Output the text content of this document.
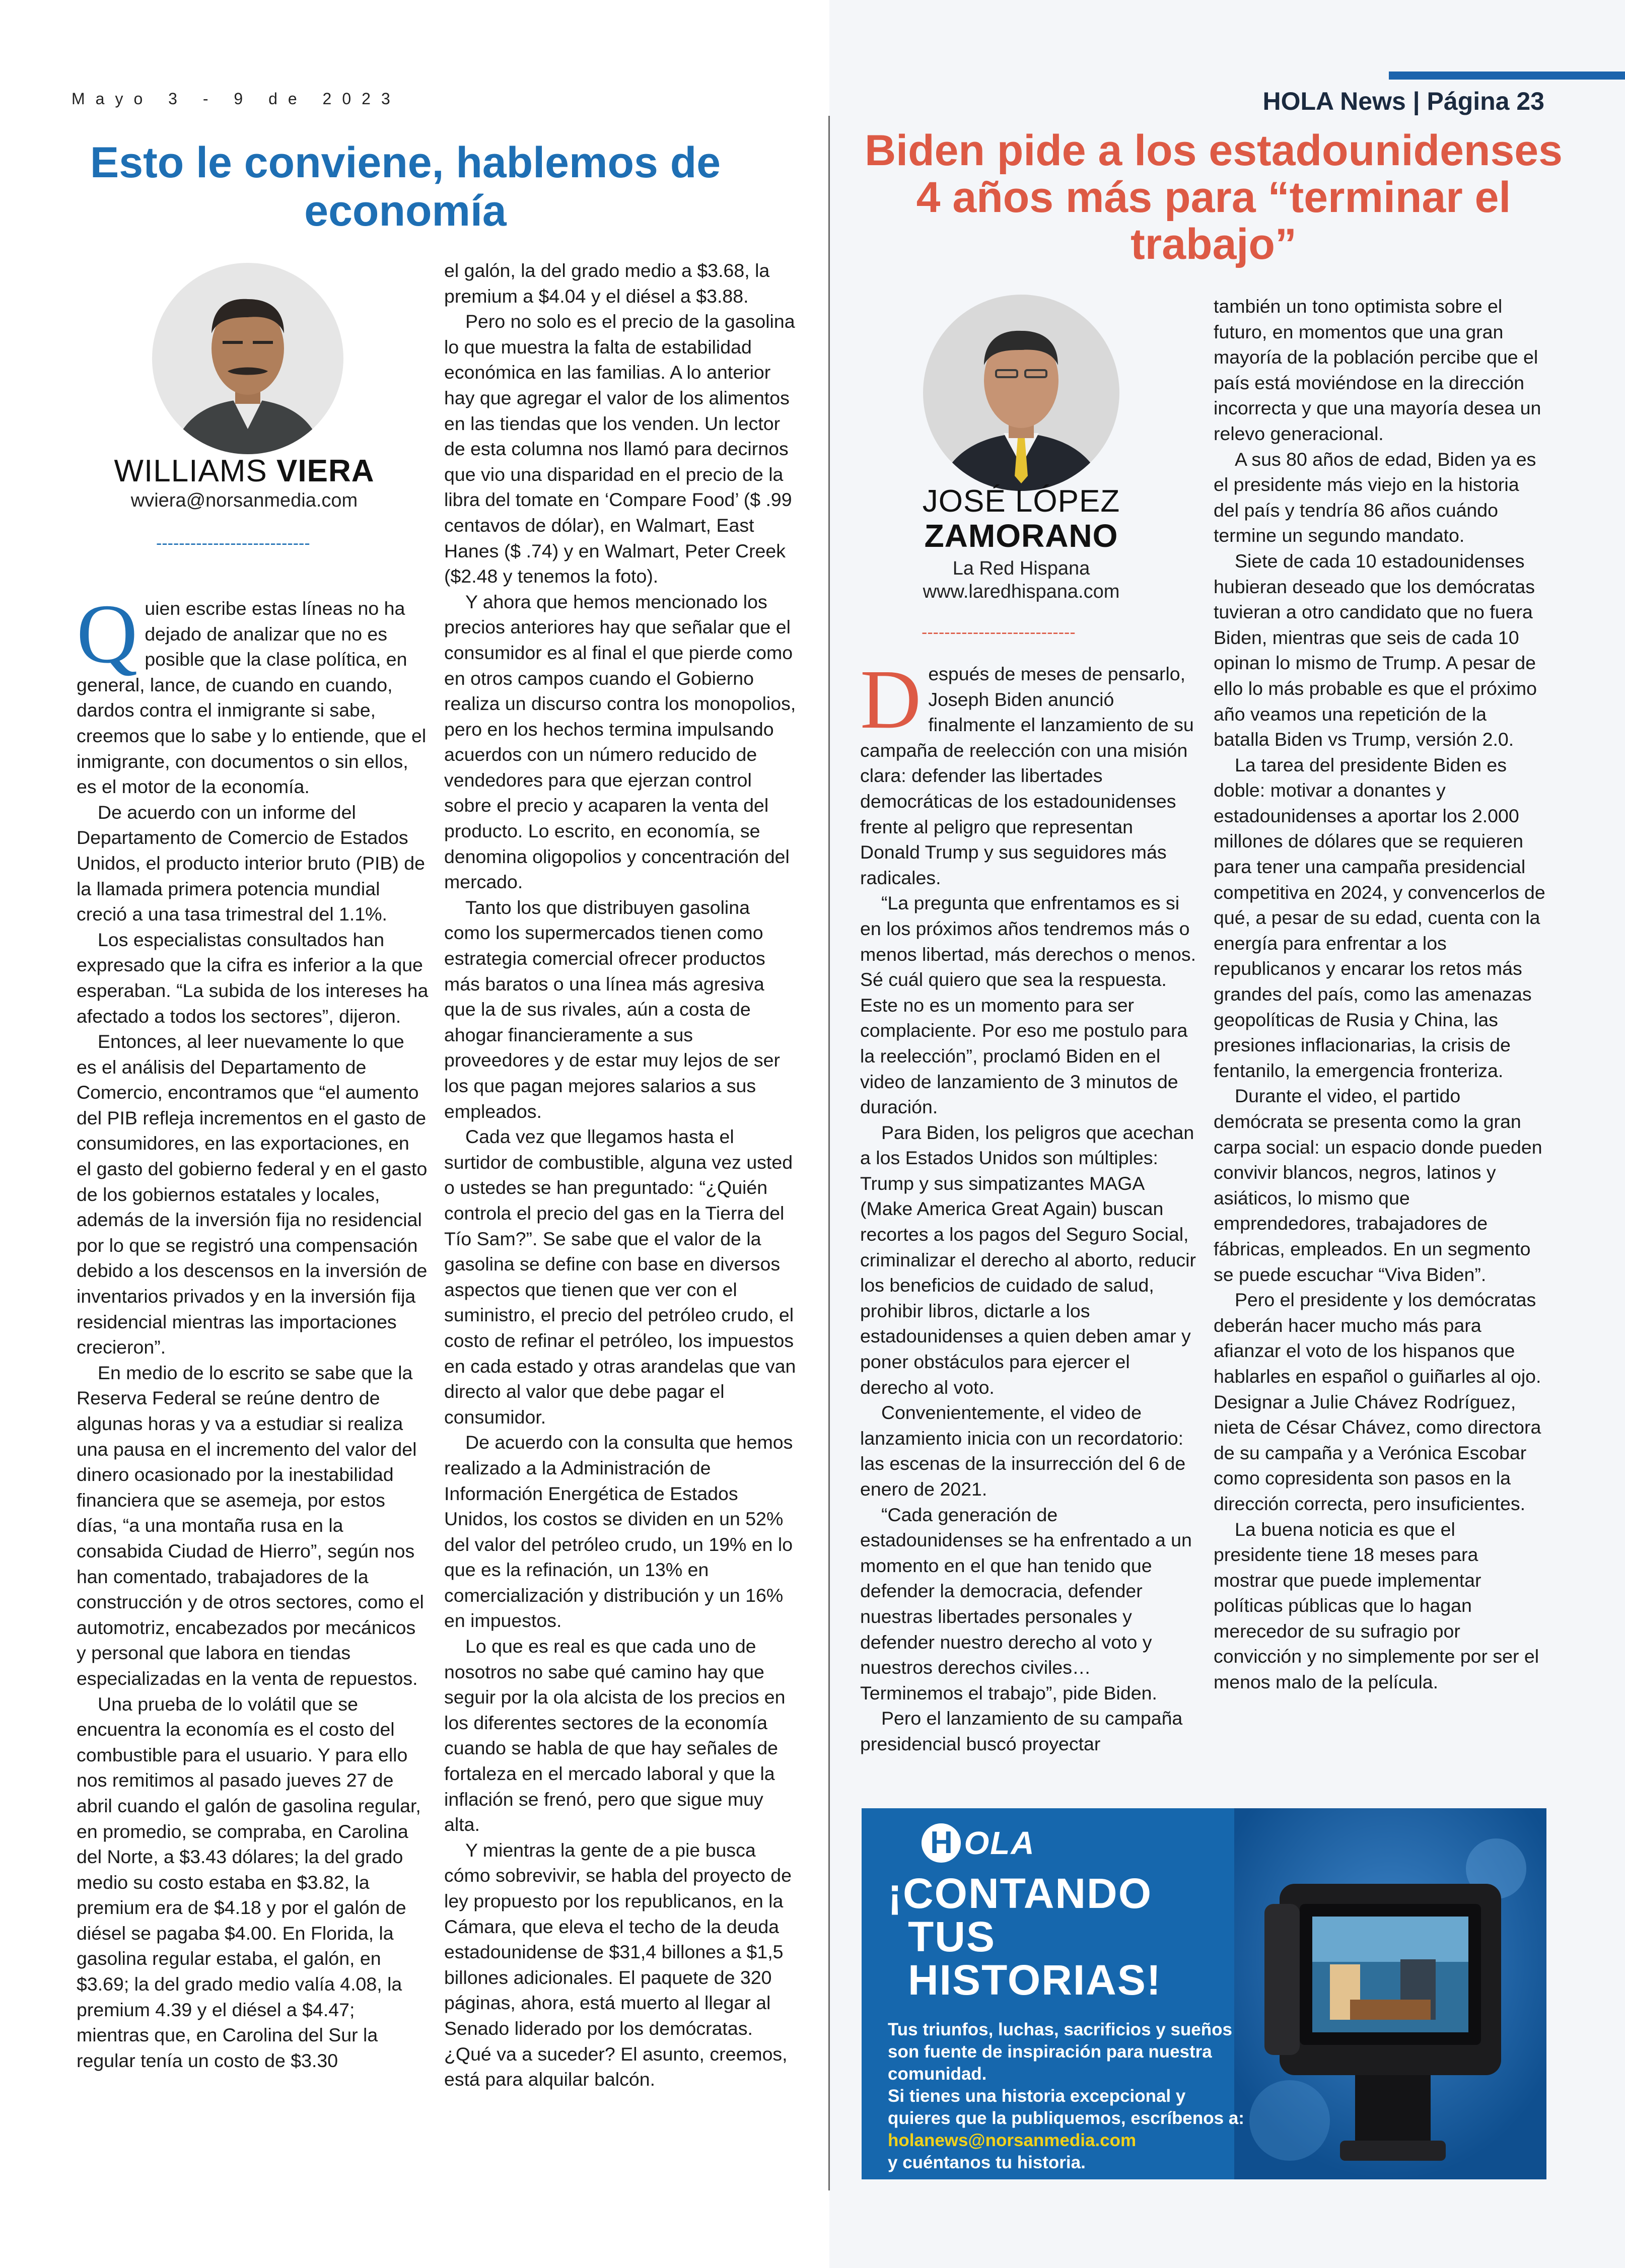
Mayo 3 - 9 de 2023	HOLA News | Página 23
Esto le conviene, hablemos de economía
WILLIAMS VIERA
wviera@norsanmedia.com
---------------------------
Q uien escribe estas líneas no ha dejado de analizar que no es posible que la clase política, en general, lance, de cuando en cuando, dardos contra el inmigrante si sabe, creemos que lo sabe y lo entiende, que el inmigrante, con documentos o sin ellos, es el motor de la economía.

De acuerdo con un informe del Departamento de Comercio de Estados Unidos, el producto interior bruto (PIB) de la llamada primera potencia mundial creció a una tasa trimestral del 1.1%.

Los especialistas consultados han expresado que la cifra es inferior a la que esperaban. “La subida de los intereses ha afectado a todos los sectores”, dijeron.

Entonces, al leer nuevamente lo que es el análisis del Departamento de Comercio, encontramos que “el aumento del PIB refleja incrementos en el gasto de consumidores, en las exportaciones, en el gasto del gobierno federal y en el gasto de los gobiernos estatales y locales, además de la inversión fija no residencial por lo que se registró una compensación debido a los descensos en la inversión de inventarios privados y en la inversión fija residencial mientras las importaciones crecieron”.

En medio de lo escrito se sabe que la Reserva Federal se reúne dentro de algunas horas y va a estudiar si realiza una pausa en el incremento del valor del dinero ocasionado por la inestabilidad financiera que se asemeja, por estos días, “a una montaña rusa en la consabida Ciudad de Hierro”, según nos han comentado, trabajadores de la construcción y de otros sectores, como el automotriz, encabezados por mecánicos y personal que labora en tiendas especializadas en la venta de repuestos.

Una prueba de lo volátil que se encuentra la economía es el costo del combustible para el usuario. Y para ello nos remitimos al pasado jueves 27 de abril cuando el galón de gasolina regular, en promedio, se compraba, en Carolina del Norte, a $3.43 dólares; la del grado medio su costo estaba en $3.82, la premium era de $4.18 y por el galón de diésel se pagaba $4.00. En Florida, la gasolina regular estaba, el galón, en $3.69; la del grado medio valía 4.08, la premium 4.39 y el diésel a $4.47; mientras que, en Carolina del Sur la regular tenía un costo de $3.30

el galón, la del grado medio a $3.68, la premium a $4.04 y el diésel a $3.88.

Pero no solo es el precio de la gasolina lo que muestra la falta de estabilidad económica en las familias. A lo anterior hay que agregar el valor de los alimentos en las tiendas que los venden. Un lector de esta columna nos llamó para decirnos que vio una disparidad en el precio de la libra del tomate en ‘Compare Food’ ($ .99 centavos de dólar), en Walmart, East Hanes ($ .74) y en Walmart, Peter Creek ($2.48 y tenemos la foto).

Y ahora que hemos mencionado los precios anteriores hay que señalar que el consumidor es al final el que pierde como en otros campos cuando el Gobierno realiza un discurso contra los monopolios, pero en los hechos termina impulsando acuerdos con un número reducido de vendedores para que ejerzan control sobre el precio y acaparen la venta del producto. Lo escrito, en economía, se denomina oligopolios y concentración del mercado.

Tanto los que distribuyen gasolina como los supermercados tienen como estrategia comercial ofrecer productos más baratos o una línea más agresiva que la de sus rivales, aún a costa de ahogar financieramente a sus proveedores y de estar muy lejos de ser los que pagan mejores salarios a sus empleados.

Cada vez que llegamos hasta el surtidor de combustible, alguna vez usted o ustedes se han preguntado: “¿Quién controla el precio del gas en la Tierra del Tío Sam?”. Se sabe que el valor de la gasolina se define con base en diversos aspectos que tienen que ver con el suministro, el precio del petróleo crudo, el costo de refinar el petróleo, los impuestos en cada estado y otras arandelas que van directo al valor que debe pagar el consumidor.

De acuerdo con la consulta que hemos realizado a la Administración de Información Energética de Estados Unidos, los costos se dividen en un 52% del valor del petróleo crudo, un 19% en lo que es la refinación, un 13% en comercialización y distribución y un 16% en impuestos.

Lo que es real es que cada uno de nosotros no sabe qué camino hay que seguir por la ola alcista de los precios en los diferentes sectores de la economía cuando se habla de que hay señales de fortaleza en el mercado laboral y que la inflación se frenó, pero que sigue muy alta.

Y mientras la gente de a pie busca cómo sobrevivir, se habla del proyecto de ley propuesto por los republicanos, en la Cámara, que eleva el techo de la deuda estadounidense de $31,4 billones a $1,5 billones adicionales. El paquete de 320 páginas, ahora, está muerto al llegar al Senado liderado por los demócratas. ¿Qué va a suceder? El asunto, creemos, está para alquilar balcón.

Biden pide a los estadounidenses 4 años más para “terminar el trabajo”
JOSÉ LÓPEZ
ZAMORANO
La Red Hispana
www.laredhispana.com
---------------------------
D espués de meses de pensarlo, Joseph Biden anunció finalmente el lanzamiento de su campaña de reelección con una misión clara: defender las libertades democráticas de los estadounidenses frente al peligro que representan Donald Trump y sus seguidores más radicales.

“La pregunta que enfrentamos es si en los próximos años tendremos más o menos libertad, más derechos o menos. Sé cuál quiero que sea la respuesta. Este no es un momento para ser complaciente. Por eso me postulo para la reelección”, proclamó Biden en el video de lanzamiento de 3 minutos de duración.

Para Biden, los peligros que acechan a los Estados Unidos son múltiples: Trump y sus simpatizantes MAGA (Make America Great Again) buscan recortes a los pagos del Seguro Social, criminalizar el derecho al aborto, reducir los beneficios de cuidado de salud, prohibir libros, dictarle a los estadounidenses a quien deben amar y poner obstáculos para ejercer el derecho al voto.

Convenientemente, el video de lanzamiento inicia con un recordatorio: las escenas de la insurrección del 6 de enero de 2021.

“Cada generación de estadounidenses se ha enfrentado a un momento en el que han tenido que defender la democracia, defender nuestras libertades personales y defender nuestro derecho al voto y nuestros derechos civiles… Terminemos el trabajo”, pide Biden.

Pero el lanzamiento de su campaña presidencial buscó proyectar

también un tono optimista sobre el futuro, en momentos que una gran mayoría de la población percibe que el país está moviéndose en la dirección incorrecta y que una mayoría desea un relevo generacional.

A sus 80 años de edad, Biden ya es el presidente más viejo en la historia del país y tendría 86 años cuándo termine un segundo mandato.

Siete de cada 10 estadounidenses hubieran deseado que los demócratas tuvieran a otro candidato que no fuera Biden, mientras que seis de cada 10 opinan lo mismo de Trump. A pesar de ello lo más probable es que el próximo año veamos una repetición de la batalla Biden vs Trump, versión 2.0.

La tarea del presidente Biden es doble: motivar a donantes y estadounidenses a aportar los 2.000 millones de dólares que se requieren para tener una campaña presidencial competitiva en 2024, y convencerlos de qué, a pesar de su edad, cuenta con la energía para enfrentar a los republicanos y encarar los retos más grandes del país, como las amenazas geopolíticas de Rusia y China, las presiones inflacionarias, la crisis de fentanilo, la emergencia fronteriza.

Durante el video, el partido demócrata se presenta como la gran carpa social: un espacio donde pueden convivir blancos, negros, latinos y asiáticos, lo mismo que emprendedores, trabajadores de fábricas, empleados. En un segmento se puede escuchar “Viva Biden”.

Pero el presidente y los demócratas deberán hacer mucho más para afianzar el voto de los hispanos que hablarles en español o guiñarles al ojo. Designar a Julie Chávez Rodríguez, nieta de César Chávez, como directora de su campaña y a Verónica Escobar como copresidenta son pasos en la dirección correcta, pero insuficientes.

La buena noticia es que el presidente tiene 18 meses para mostrar que puede implementar políticas públicas que lo hagan merecedor de su sufragio por convicción y no simplemente por ser el menos malo de la película.

H OLA
¡CONTANDO
TUS HISTORIAS!
Tus triunfos, luchas, sacrificios y sueños son fuente de inspiración para nuestra comunidad.
Si tienes una historia excepcional y quieres que la publiquemos, escríbenos a:
holanews@norsanmedia.com
y cuéntanos tu historia.
